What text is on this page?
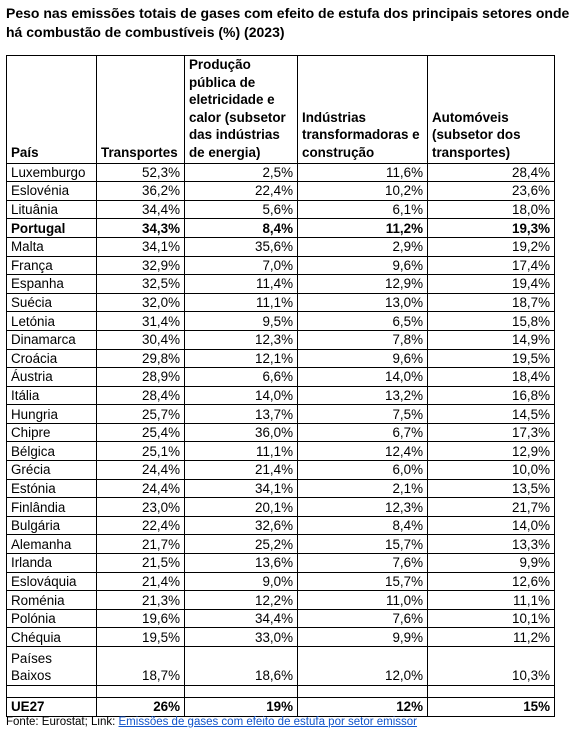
Peso nas emissões totais de gases com efeito de estufa dos principais setores onde há combustão de combustíveis (%) (2023)
País	Transportes	Produção pública de eletricidade e calor (subsetor das indústrias de energia)	Indústrias transformadoras e construção	Automóveis (subsetor dos transportes)
Luxemburgo	52,3%	2,5%	11,6%	28,4%
Eslovénia	36,2%	22,4%	10,2%	23,6%
Lituânia	34,4%	5,6%	6,1%	18,0%
Portugal	34,3%	8,4%	11,2%	19,3%
Malta	34,1%	35,6%	2,9%	19,2%
França	32,9%	7,0%	9,6%	17,4%
Espanha	32,5%	11,4%	12,9%	19,4%
Suécia	32,0%	11,1%	13,0%	18,7%
Letónia	31,4%	9,5%	6,5%	15,8%
Dinamarca	30,4%	12,3%	7,8%	14,9%
Croácia	29,8%	12,1%	9,6%	19,5%
Áustria	28,9%	6,6%	14,0%	18,4%
Itália	28,4%	14,0%	13,2%	16,8%
Hungria	25,7%	13,7%	7,5%	14,5%
Chipre	25,4%	36,0%	6,7%	17,3%
Bélgica	25,1%	11,1%	12,4%	12,9%
Grécia	24,4%	21,4%	6,0%	10,0%
Estónia	24,4%	34,1%	2,1%	13,5%
Finlândia	23,0%	20,1%	12,3%	21,7%
Bulgária	22,4%	32,6%	8,4%	14,0%
Alemanha	21,7%	25,2%	15,7%	13,3%
Irlanda	21,5%	13,6%	7,6%	9,9%
Eslováquia	21,4%	9,0%	15,7%	12,6%
Roménia	21,3%	12,2%	11,0%	11,1%
Polónia	19,6%	34,4%	7,6%	10,1%
Chéquia	19,5%	33,0%	9,9%	11,2%
Países Baixos	18,7%	18,6%	12,0%	10,3%

UE27	26%	19%	12%	15%
Fonte: Eurostat; Link: Emissões de gases com efeito de estufa por setor emissor
